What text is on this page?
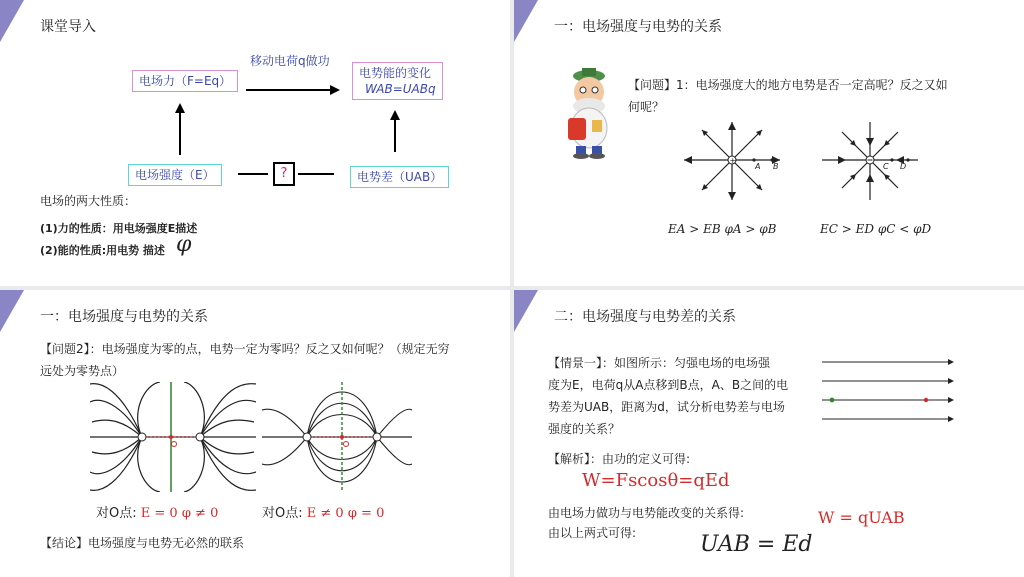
课堂导入
移动电荷q做功
电场力（F=Eq）
电势能的变化
WAB=UABq
电场强度（E）	?	电势差（UAB）
电场的两大性质：
(1)力的性质：用电场强度E描述
(2)能的性质:用电势 描述 φ
一：电场强度与电势的关系
【问题】1：电场强度大的地方电势是否一定高呢？反之又如
何呢？
+
A B	C D
EA > EB φA > φB	EC > ED φC < φD
一：电场强度与电势的关系
【问题2】：电场强度为零的点，电势一定为零吗？反之又如何呢？（规定无穷
远处为零势点）
对O点: E = 0 φ ≠ 0	对O点: E ≠ 0 φ = 0
【结论】电场强度与电势无必然的联系
二：电场强度与电势差的关系
【情景一】：如图所示：匀强电场的电场强
度为E，电荷q从A点移到B点，A、B之间的电
势差为UAB，距离为d，试分析电势差与电场
强度的关系？
【解析】：由功的定义可得:
W=Fscosθ=qEd
由电场力做功与电势能改变的关系得:
由以上两式可得:
W = qUAB
UAB = Ed
